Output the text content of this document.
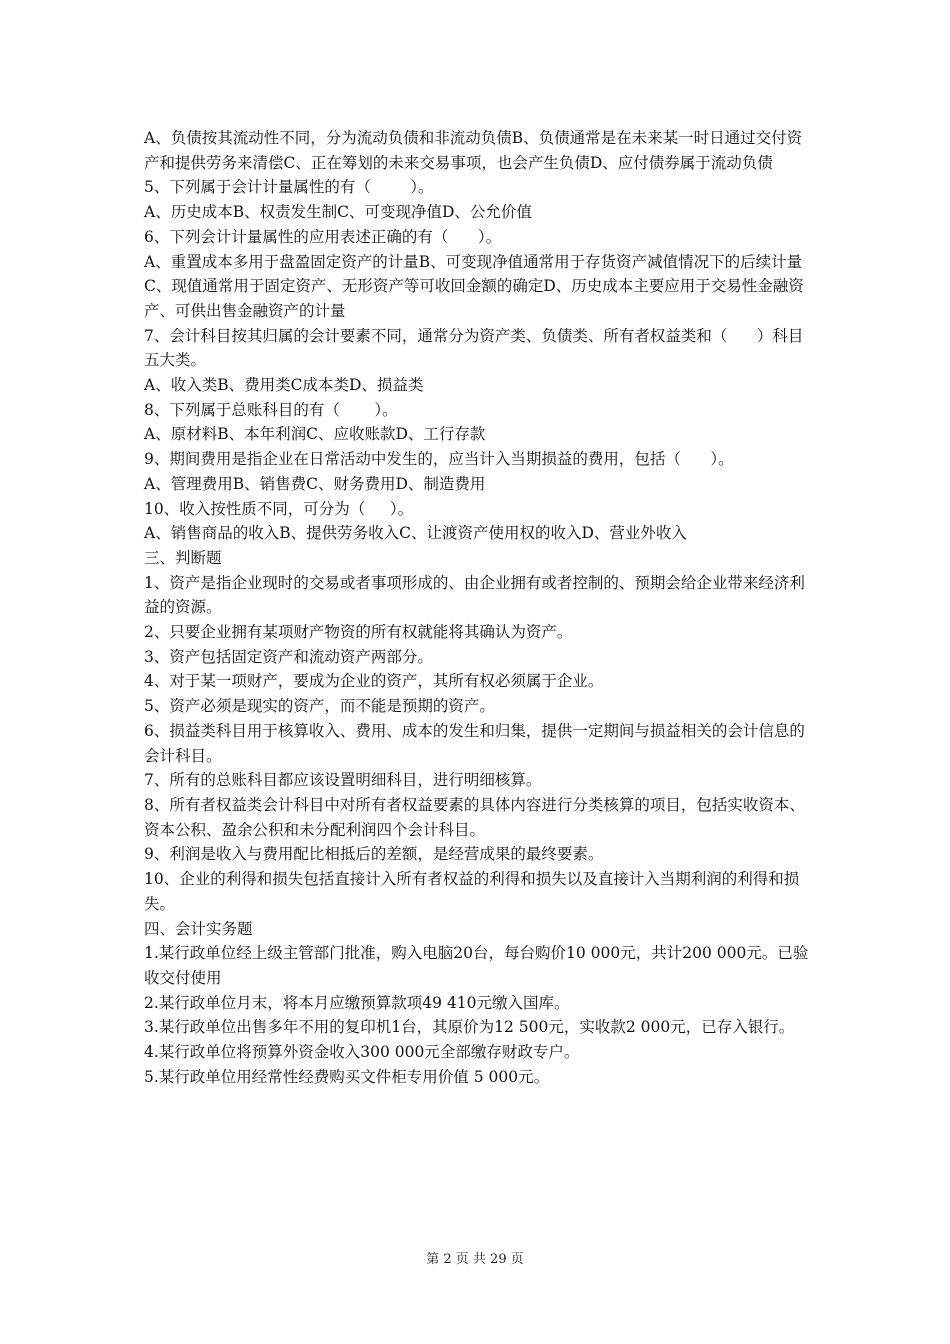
A、负债按其流动性不同，分为流动负债和非流动负债B、负债通常是在未来某一时日通过交付资产和提供劳务来清偿C、正在筹划的未来交易事项，也会产生负债D、应付债券属于流动负债
5、下列属于会计计量属性的有（        ）。
A、历史成本B、权责发生制C、可变现净值D、公允价值
6、下列会计计量属性的应用表述正确的有（      ）。
A、重置成本多用于盘盈固定资产的计量B、可变现净值通常用于存货资产减值情况下的后续计量C、现值通常用于固定资产、无形资产等可收回金额的确定D、历史成本主要应用于交易性金融资产、可供出售金融资产的计量
7、会计科目按其归属的会计要素不同，通常分为资产类、负债类、所有者权益类和（      ）科目五大类。
A、收入类B、费用类C成本类D、损益类
8、下列属于总账科目的有（       ）。
A、原材料B、本年利润C、应收账款D、工行存款
9、期间费用是指企业在日常活动中发生的，应当计入当期损益的费用，包括（      ）。
A、管理费用B、销售费C、财务费用D、制造费用
10、收入按性质不同，可分为（     ）。
A、销售商品的收入B、提供劳务收入C、让渡资产使用权的收入D、营业外收入
三、判断题
1、资产是指企业现时的交易或者事项形成的、由企业拥有或者控制的、预期会给企业带来经济利益的资源。
2、只要企业拥有某项财产物资的所有权就能将其确认为资产。
3、资产包括固定资产和流动资产两部分。
4、对于某一项财产，要成为企业的资产，其所有权必须属于企业。
5、资产必须是现实的资产，而不能是预期的资产。
6、损益类科目用于核算收入、费用、成本的发生和归集，提供一定期间与损益相关的会计信息的会计科目。
7、所有的总账科目都应该设置明细科目，进行明细核算。
8、所有者权益类会计科目中对所有者权益要素的具体内容进行分类核算的项目，包括实收资本、资本公积、盈余公积和未分配利润四个会计科目。
9、利润是收入与费用配比相抵后的差额，是经营成果的最终要素。
10、企业的利得和损失包括直接计入所有者权益的利得和损失以及直接计入当期利润的利得和损失。
四、会计实务题
1.某行政单位经上级主管部门批准，购入电脑20台，每台购价10 000元，共计200 000元。已验收交付使用
2.某行政单位月末，将本月应缴预算款项49 410元缴入国库。
3.某行政单位出售多年不用的复印机1台，其原价为12 500元，实收款2 000元，已存入银行。
4.某行政单位将预算外资金收入300 000元全部缴存财政专户。
5.某行政单位用经常性经费购买文件柜专用价值 5 000元。
第 2 页 共 29 页
